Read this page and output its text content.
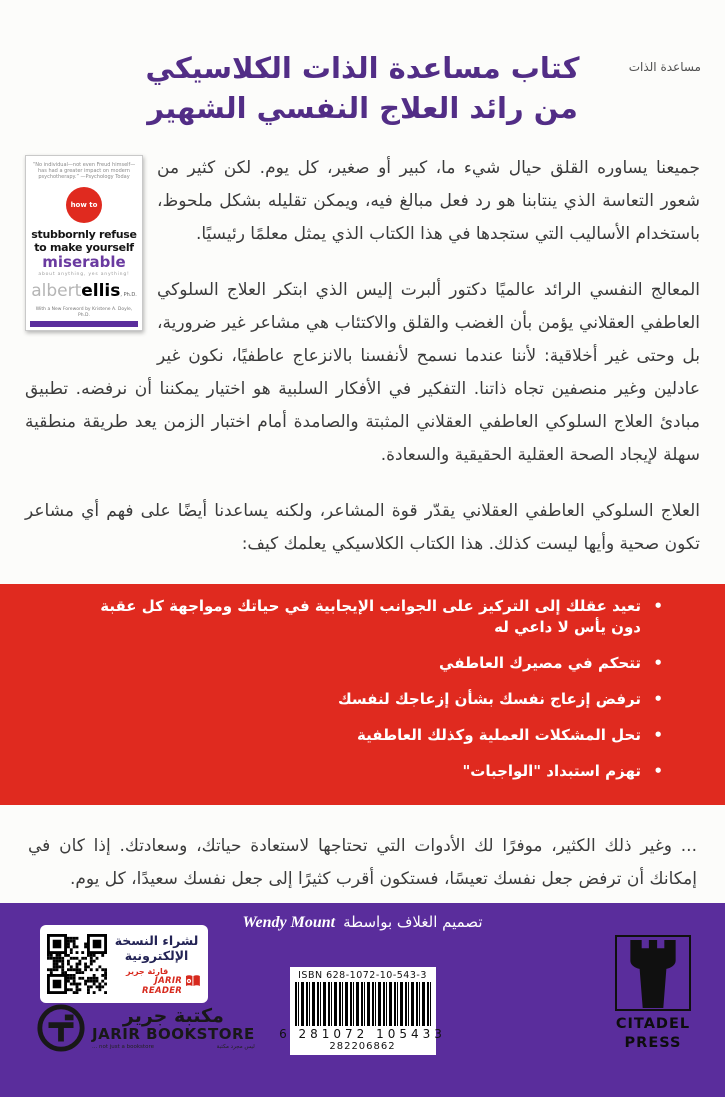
مساعدة الذات
كتاب مساعدة الذات الكلاسيكي
من رائد العلاج النفسي الشهير
“No individual—not even Freud himself—has had a greater impact on modern psychotherapy.” —Psychology Today
how to
stubbornly refuse
to make yourself
miserable
about anything, yes anything!
albertellis, Ph.D.
With a New Foreword by Kristene A. Doyle, Ph.D.

جميعنا يساوره القلق حيال شيء ما، كبير أو صغير، كل يوم. لكن كثير من شعور التعاسة الذي ينتابنا هو رد فعل مبالغ فيه، ويمكن تقليله بشكل ملحوظ، باستخدام الأساليب التي ستجدها في هذا الكتاب الذي يمثل معلمًا رئيسيًا.

المعالج النفسي الرائد عالميًا دكتور ألبرت إليس الذي ابتكر العلاج السلوكي العاطفي العقلاني يؤمن بأن الغضب والقلق والاكتئاب هي مشاعر غير ضرورية، بل وحتى غير أخلاقية: لأننا عندما نسمح لأنفسنا بالانزعاج عاطفيًا، نكون غير عادلين وغير منصفين تجاه ذاتنا. التفكير في الأفكار السلبية هو اختيار يمكننا أن نرفضه. تطبيق مبادئ العلاج السلوكي العاطفي العقلاني المثبتة والصامدة أمام اختبار الزمن يعد طريقة منطقية سهلة لإيجاد الصحة العقلية الحقيقية والسعادة.

العلاج السلوكي العاطفي العقلاني يقدّر قوة المشاعر، ولكنه يساعدنا أيضًا على فهم أي مشاعر تكون صحية وأيها ليست كذلك. هذا الكتاب الكلاسيكي يعلمك كيف:

• تعيد عقلك إلى التركيز على الجوانب الإيجابية في حياتك ومواجهة كل عقبة دون يأس لا داعي له
• تتحكم في مصيرك العاطفي
• ترفض إزعاج نفسك بشأن إزعاجك لنفسك
• تحل المشكلات العملية وكذلك العاطفية
• تهزم استبداد "الواجبات"
... وغير ذلك الكثير، موفرًا لك الأدوات التي تحتاجها لاستعادة حياتك، وسعادتك. إذا كان في إمكانك أن ترفض جعل نفسك تعيسًا، فستكون أقرب كثيرًا إلى جعل نفسك سعيدًا، كل يوم.
تصميم الغلاف بواسطةWendy Mount
لشراء النسخة الإلكترونية
قارئة جرير
JARIR READER
مكتبة جرير
JARIR BOOKSTORE
... not just a bookstore	ليس مجرد مكتبة
ISBN 628-1072-10-543-3
6 281072 105433
282206862
CITADEL
PRESS
